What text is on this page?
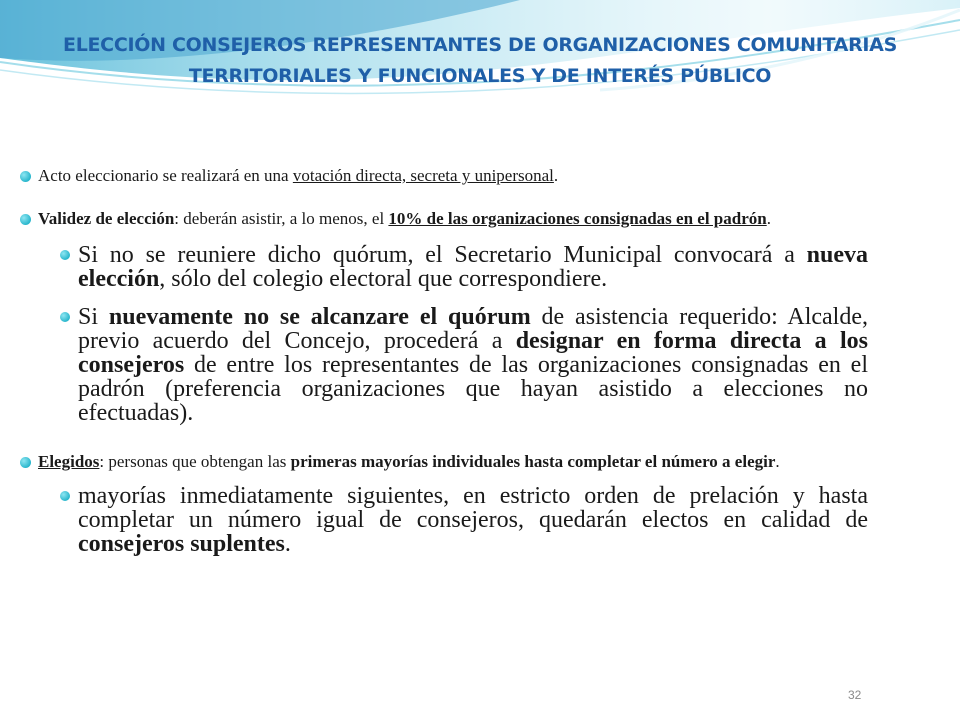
ELECCIÓN CONSEJEROS REPRESENTANTES DE ORGANIZACIONES COMUNITARIAS
TERRITORIALES Y FUNCIONALES Y DE INTERÉS PÚBLICO
Acto eleccionario se realizará en una votación directa, secreta y unipersonal.
Validez de elección: deberán asistir, a lo menos, el 10% de las organizaciones consignadas en el padrón.
Si no se reuniere dicho quórum, el Secretario Municipal convocará a nueva elección, sólo del colegio electoral que correspondiere.
Si nuevamente no se alcanzare el quórum de asistencia requerido: Alcalde, previo acuerdo del Concejo, procederá a designar en forma directa a los consejeros de entre los representantes de las organizaciones consignadas en el padrón (preferencia organizaciones que hayan asistido a elecciones no efectuadas).
Elegidos: personas que obtengan las primeras mayorías individuales hasta completar el número a elegir.
mayorías inmediatamente siguientes, en estricto orden de prelación y hasta completar un número igual de consejeros, quedarán electos en calidad de consejeros suplentes.
32
